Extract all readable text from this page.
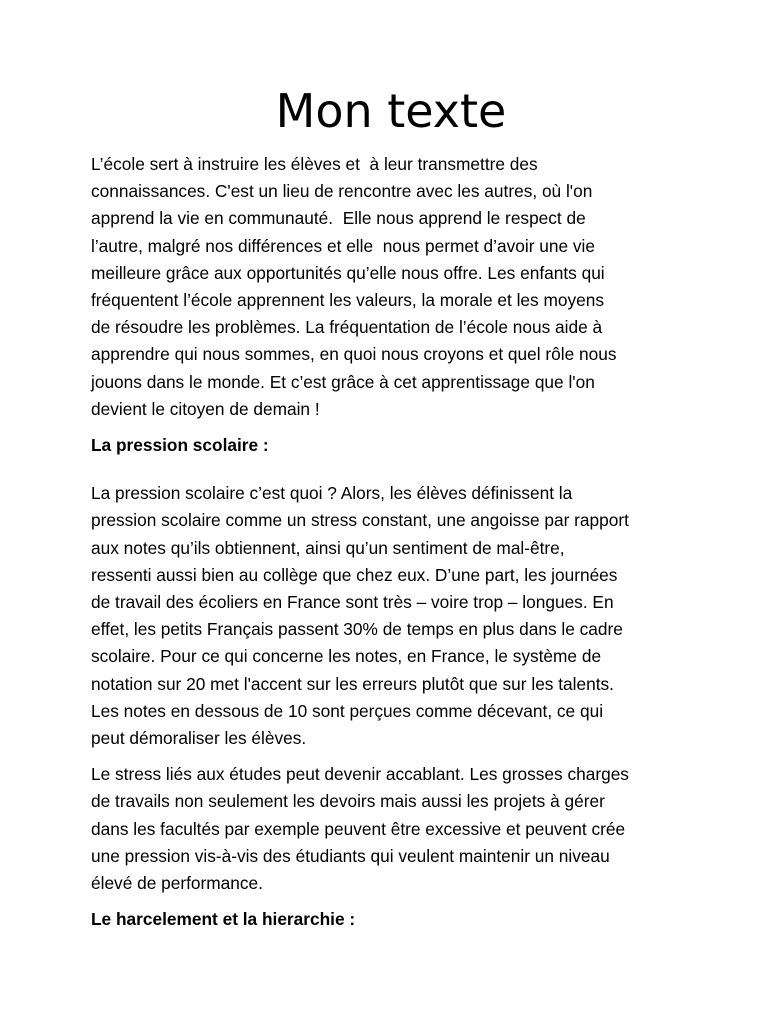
Mon texte

L’école sert à instruire les élèves et  à leur transmettre des
connaissances. C'est un lieu de rencontre avec les autres, où l'on
apprend la vie en communauté.  Elle nous apprend le respect de
l’autre, malgré nos différences et elle  nous permet d’avoir une vie
meilleure grâce aux opportunités qu’elle nous offre. Les enfants qui
fréquentent l’école apprennent les valeurs, la morale et les moyens
de résoudre les problèmes. La fréquentation de l’école nous aide à
apprendre qui nous sommes, en quoi nous croyons et quel rôle nous
jouons dans le monde. Et c’est grâce à cet apprentissage que l'on
devient le citoyen de demain !

La pression scolaire :

La pression scolaire c’est quoi ? Alors, les élèves définissent la
pression scolaire comme un stress constant, une angoisse par rapport
aux notes qu’ils obtiennent, ainsi qu’un sentiment de mal-être,
ressenti aussi bien au collège que chez eux. D’une part, les journées
de travail des écoliers en France sont très – voire trop – longues. En
effet, les petits Français passent 30% de temps en plus dans le cadre
scolaire. Pour ce qui concerne les notes, en France, le système de
notation sur 20 met l'accent sur les erreurs plutôt que sur les talents.
Les notes en dessous de 10 sont perçues comme décevant, ce qui
peut démoraliser les élèves.

Le stress liés aux études peut devenir accablant. Les grosses charges
de travails non seulement les devoirs mais aussi les projets à gérer
dans les facultés par exemple peuvent être excessive et peuvent crée
une pression vis-à-vis des étudiants qui veulent maintenir un niveau
élevé de performance.

Le harcelement et la hierarchie :
